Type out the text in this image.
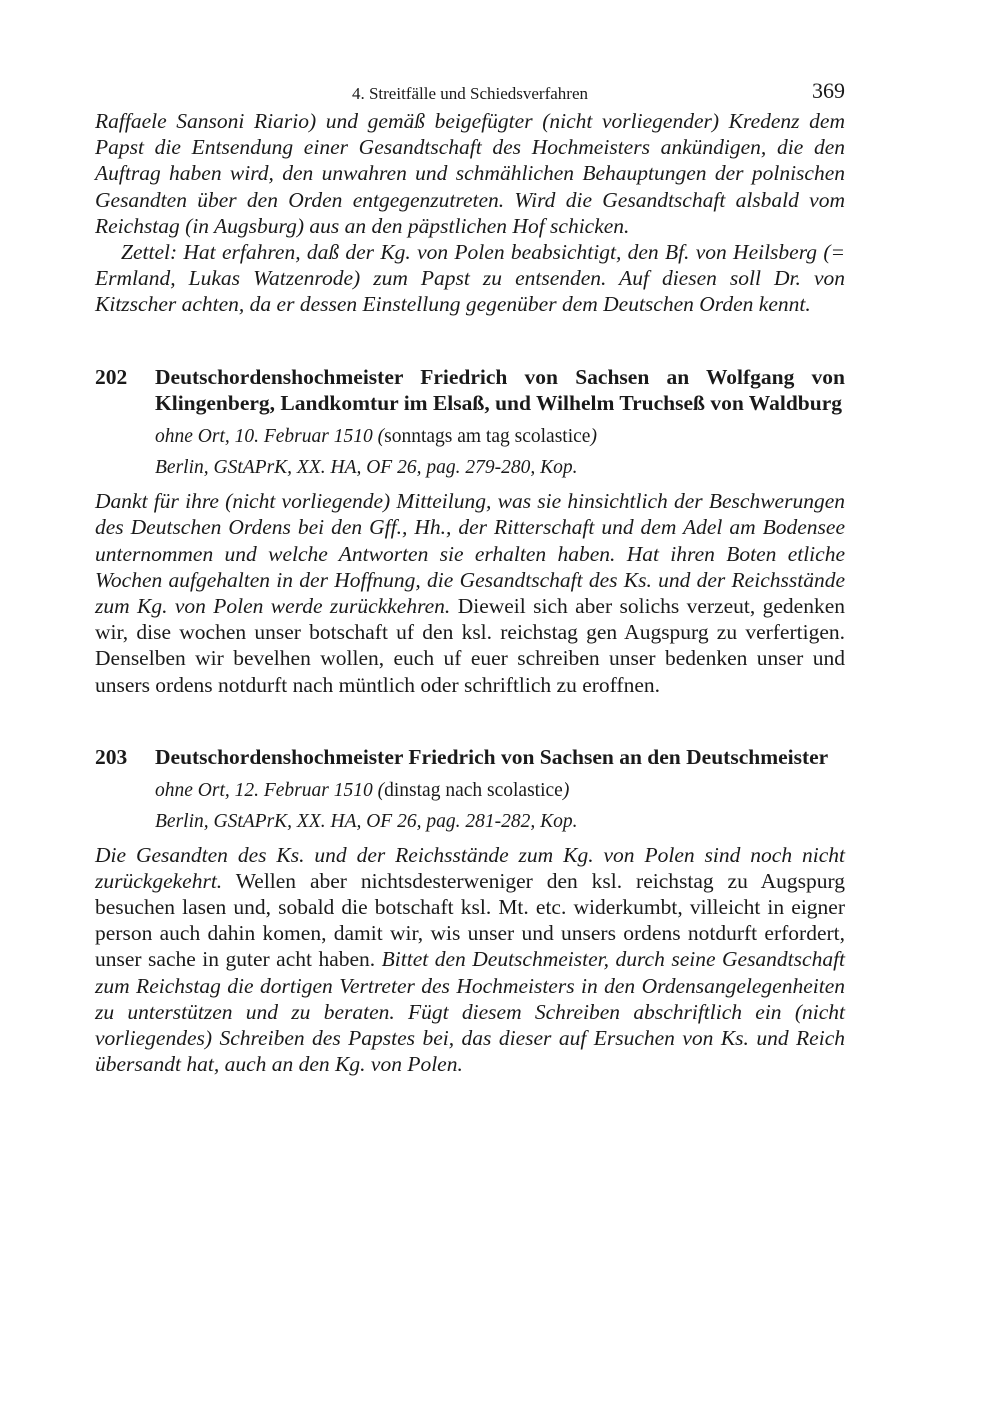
4. Streitfälle und Schiedsverfahren	369

Raffaele Sansoni Riario) und gemäß beigefügter (nicht vorliegender) Kredenz dem Papst die Entsendung einer Gesandtschaft des Hochmeisters ankündigen, die den Auftrag haben wird, den unwahren und schmählichen Behauptungen der polnischen Gesandten über den Orden entgegenzutreten. Wird die Gesandtschaft alsbald vom Reichstag (in Augsburg) aus an den päpstlichen Hof schicken.

Zettel: Hat erfahren, daß der Kg. von Polen beabsichtigt, den Bf. von Heilsberg (= Ermland, Lukas Watzenrode) zum Papst zu entsenden. Auf diesen soll Dr. von Kitzscher achten, da er dessen Einstellung gegenüber dem Deutschen Orden kennt.

202 Deutschordenshochmeister Friedrich von Sachsen an Wolfgang von Klingenberg, Landkomtur im Elsaß, und Wilhelm Truchseß von Waldburg

ohne Ort, 10. Februar 1510 (sonntags am tag scolastice)

Berlin, GStAPrK, XX. HA, OF 26, pag. 279-280, Kop.

Dankt für ihre (nicht vorliegende) Mitteilung, was sie hinsichtlich der Beschwerungen des Deutschen Ordens bei den Gff., Hh., der Ritterschaft und dem Adel am Bodensee unternommen und welche Antworten sie erhalten haben. Hat ihren Boten etliche Wochen aufgehalten in der Hoffnung, die Gesandtschaft des Ks. und der Reichsstände zum Kg. von Polen werde zurückkehren. Dieweil sich aber solichs verzeut, gedenken wir, dise wochen unser botschaft uf den ksl. reichstag gen Augspurg zu verfertigen. Denselben wir bevelhen wollen, euch uf euer schreiben unser bedenken unser und unsers ordens notdurft nach müntlich oder schriftlich zu eroffnen.

203 Deutschordenshochmeister Friedrich von Sachsen an den Deutschmeister

ohne Ort, 12. Februar 1510 (dinstag nach scolastice)

Berlin, GStAPrK, XX. HA, OF 26, pag. 281-282, Kop.

Die Gesandten des Ks. und der Reichsstände zum Kg. von Polen sind noch nicht zurückgekehrt. Wellen aber nichtsdesterweniger den ksl. reichstag zu Augspurg besuchen lasen und, sobald die botschaft ksl. Mt. etc. widerkumbt, villeicht in eigner person auch dahin komen, damit wir, wis unser und unsers ordens notdurft erfordert, unser sache in guter acht haben. Bittet den Deutschmeister, durch seine Gesandtschaft zum Reichstag die dortigen Vertreter des Hochmeisters in den Ordensangelegenheiten zu unterstützen und zu beraten. Fügt diesem Schreiben abschriftlich ein (nicht vorliegendes) Schreiben des Papstes bei, das dieser auf Ersuchen von Ks. und Reich übersandt hat, auch an den Kg. von Polen.
